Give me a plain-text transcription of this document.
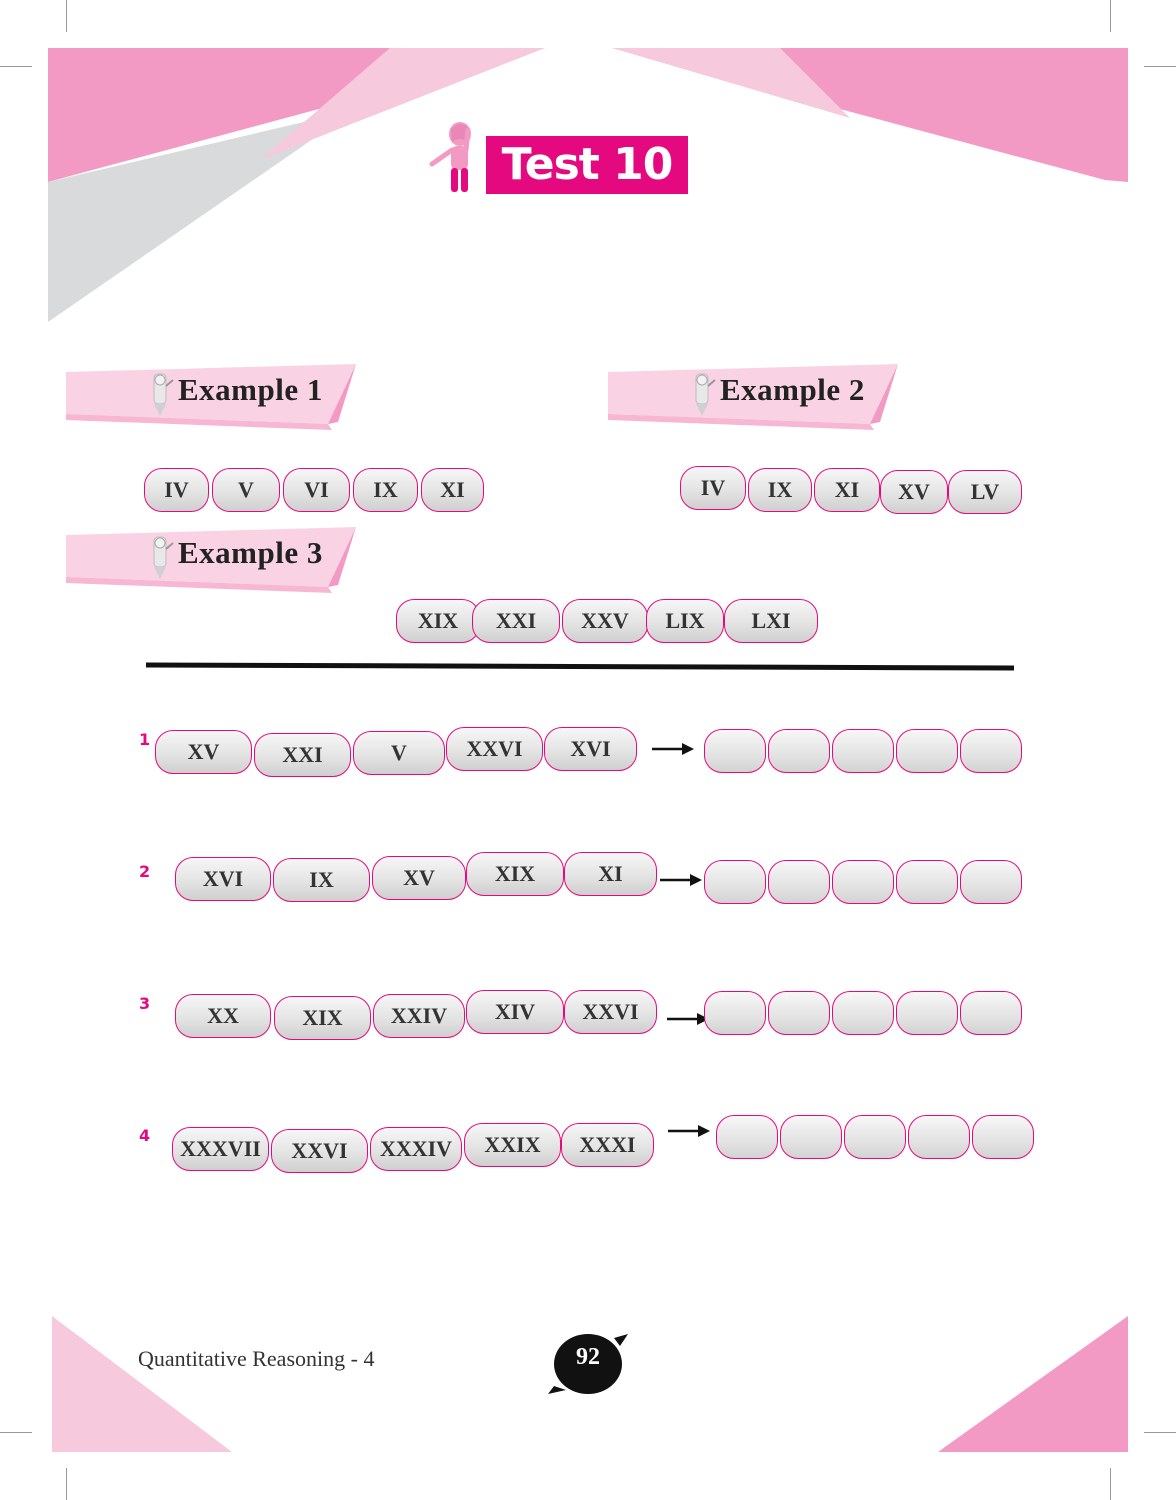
Test 10
Example 1	Example 2
IV	V	VI	IX	XI	IV	IX	XI	XV	LV
Example 3
XIX	XXI	XXV	LIX	LXI
1	XV	XXI	V	XXVI	XVI
2	XVI	IX	XV	XIX	XI
3	XX	XIX	XXIV	XIV	XXVI
4
XXXVII	XXVI	XXXIV	XXIX	XXXI
Quantitative Reasoning - 4	92
